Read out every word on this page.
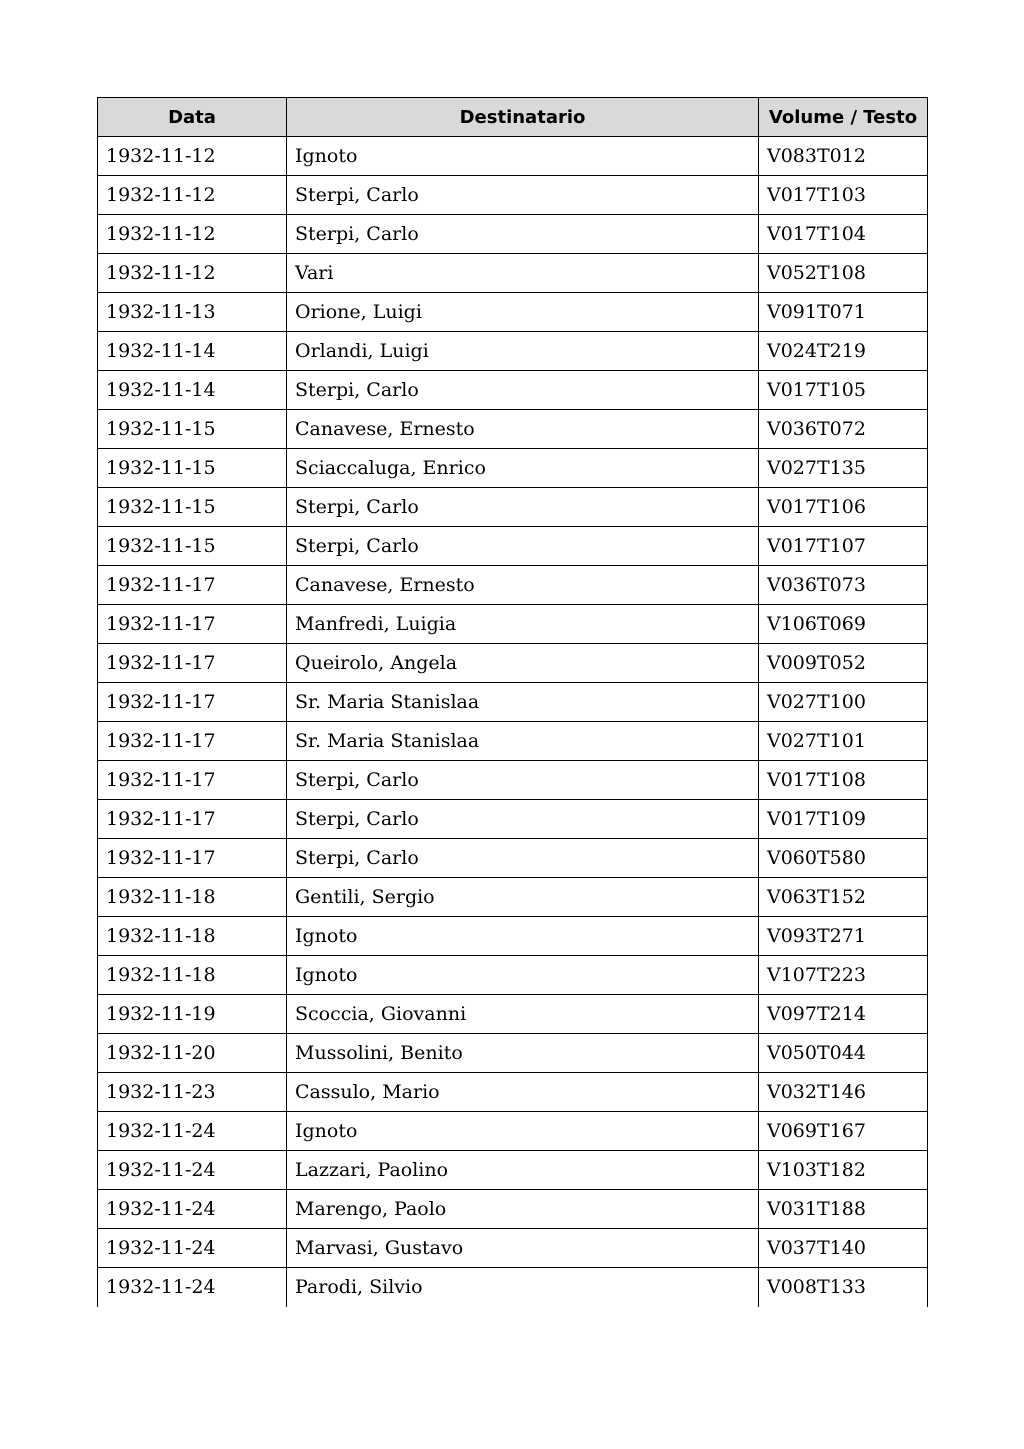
Data	Destinatario	Volume / Testo
1932-11-12	Ignoto	V083T012
1932-11-12	Sterpi, Carlo	V017T103
1932-11-12	Sterpi, Carlo	V017T104
1932-11-12	Vari	V052T108
1932-11-13	Orione, Luigi	V091T071
1932-11-14	Orlandi, Luigi	V024T219
1932-11-14	Sterpi, Carlo	V017T105
1932-11-15	Canavese, Ernesto	V036T072
1932-11-15	Sciaccaluga, Enrico	V027T135
1932-11-15	Sterpi, Carlo	V017T106
1932-11-15	Sterpi, Carlo	V017T107
1932-11-17	Canavese, Ernesto	V036T073
1932-11-17	Manfredi, Luigia	V106T069
1932-11-17	Queirolo, Angela	V009T052
1932-11-17	Sr. Maria Stanislaa	V027T100
1932-11-17	Sr. Maria Stanislaa	V027T101
1932-11-17	Sterpi, Carlo	V017T108
1932-11-17	Sterpi, Carlo	V017T109
1932-11-17	Sterpi, Carlo	V060T580
1932-11-18	Gentili, Sergio	V063T152
1932-11-18	Ignoto	V093T271
1932-11-18	Ignoto	V107T223
1932-11-19	Scoccia, Giovanni	V097T214
1932-11-20	Mussolini, Benito	V050T044
1932-11-23	Cassulo, Mario	V032T146
1932-11-24	Ignoto	V069T167
1932-11-24	Lazzari, Paolino	V103T182
1932-11-24	Marengo, Paolo	V031T188
1932-11-24	Marvasi, Gustavo	V037T140
1932-11-24	Parodi, Silvio	V008T133
